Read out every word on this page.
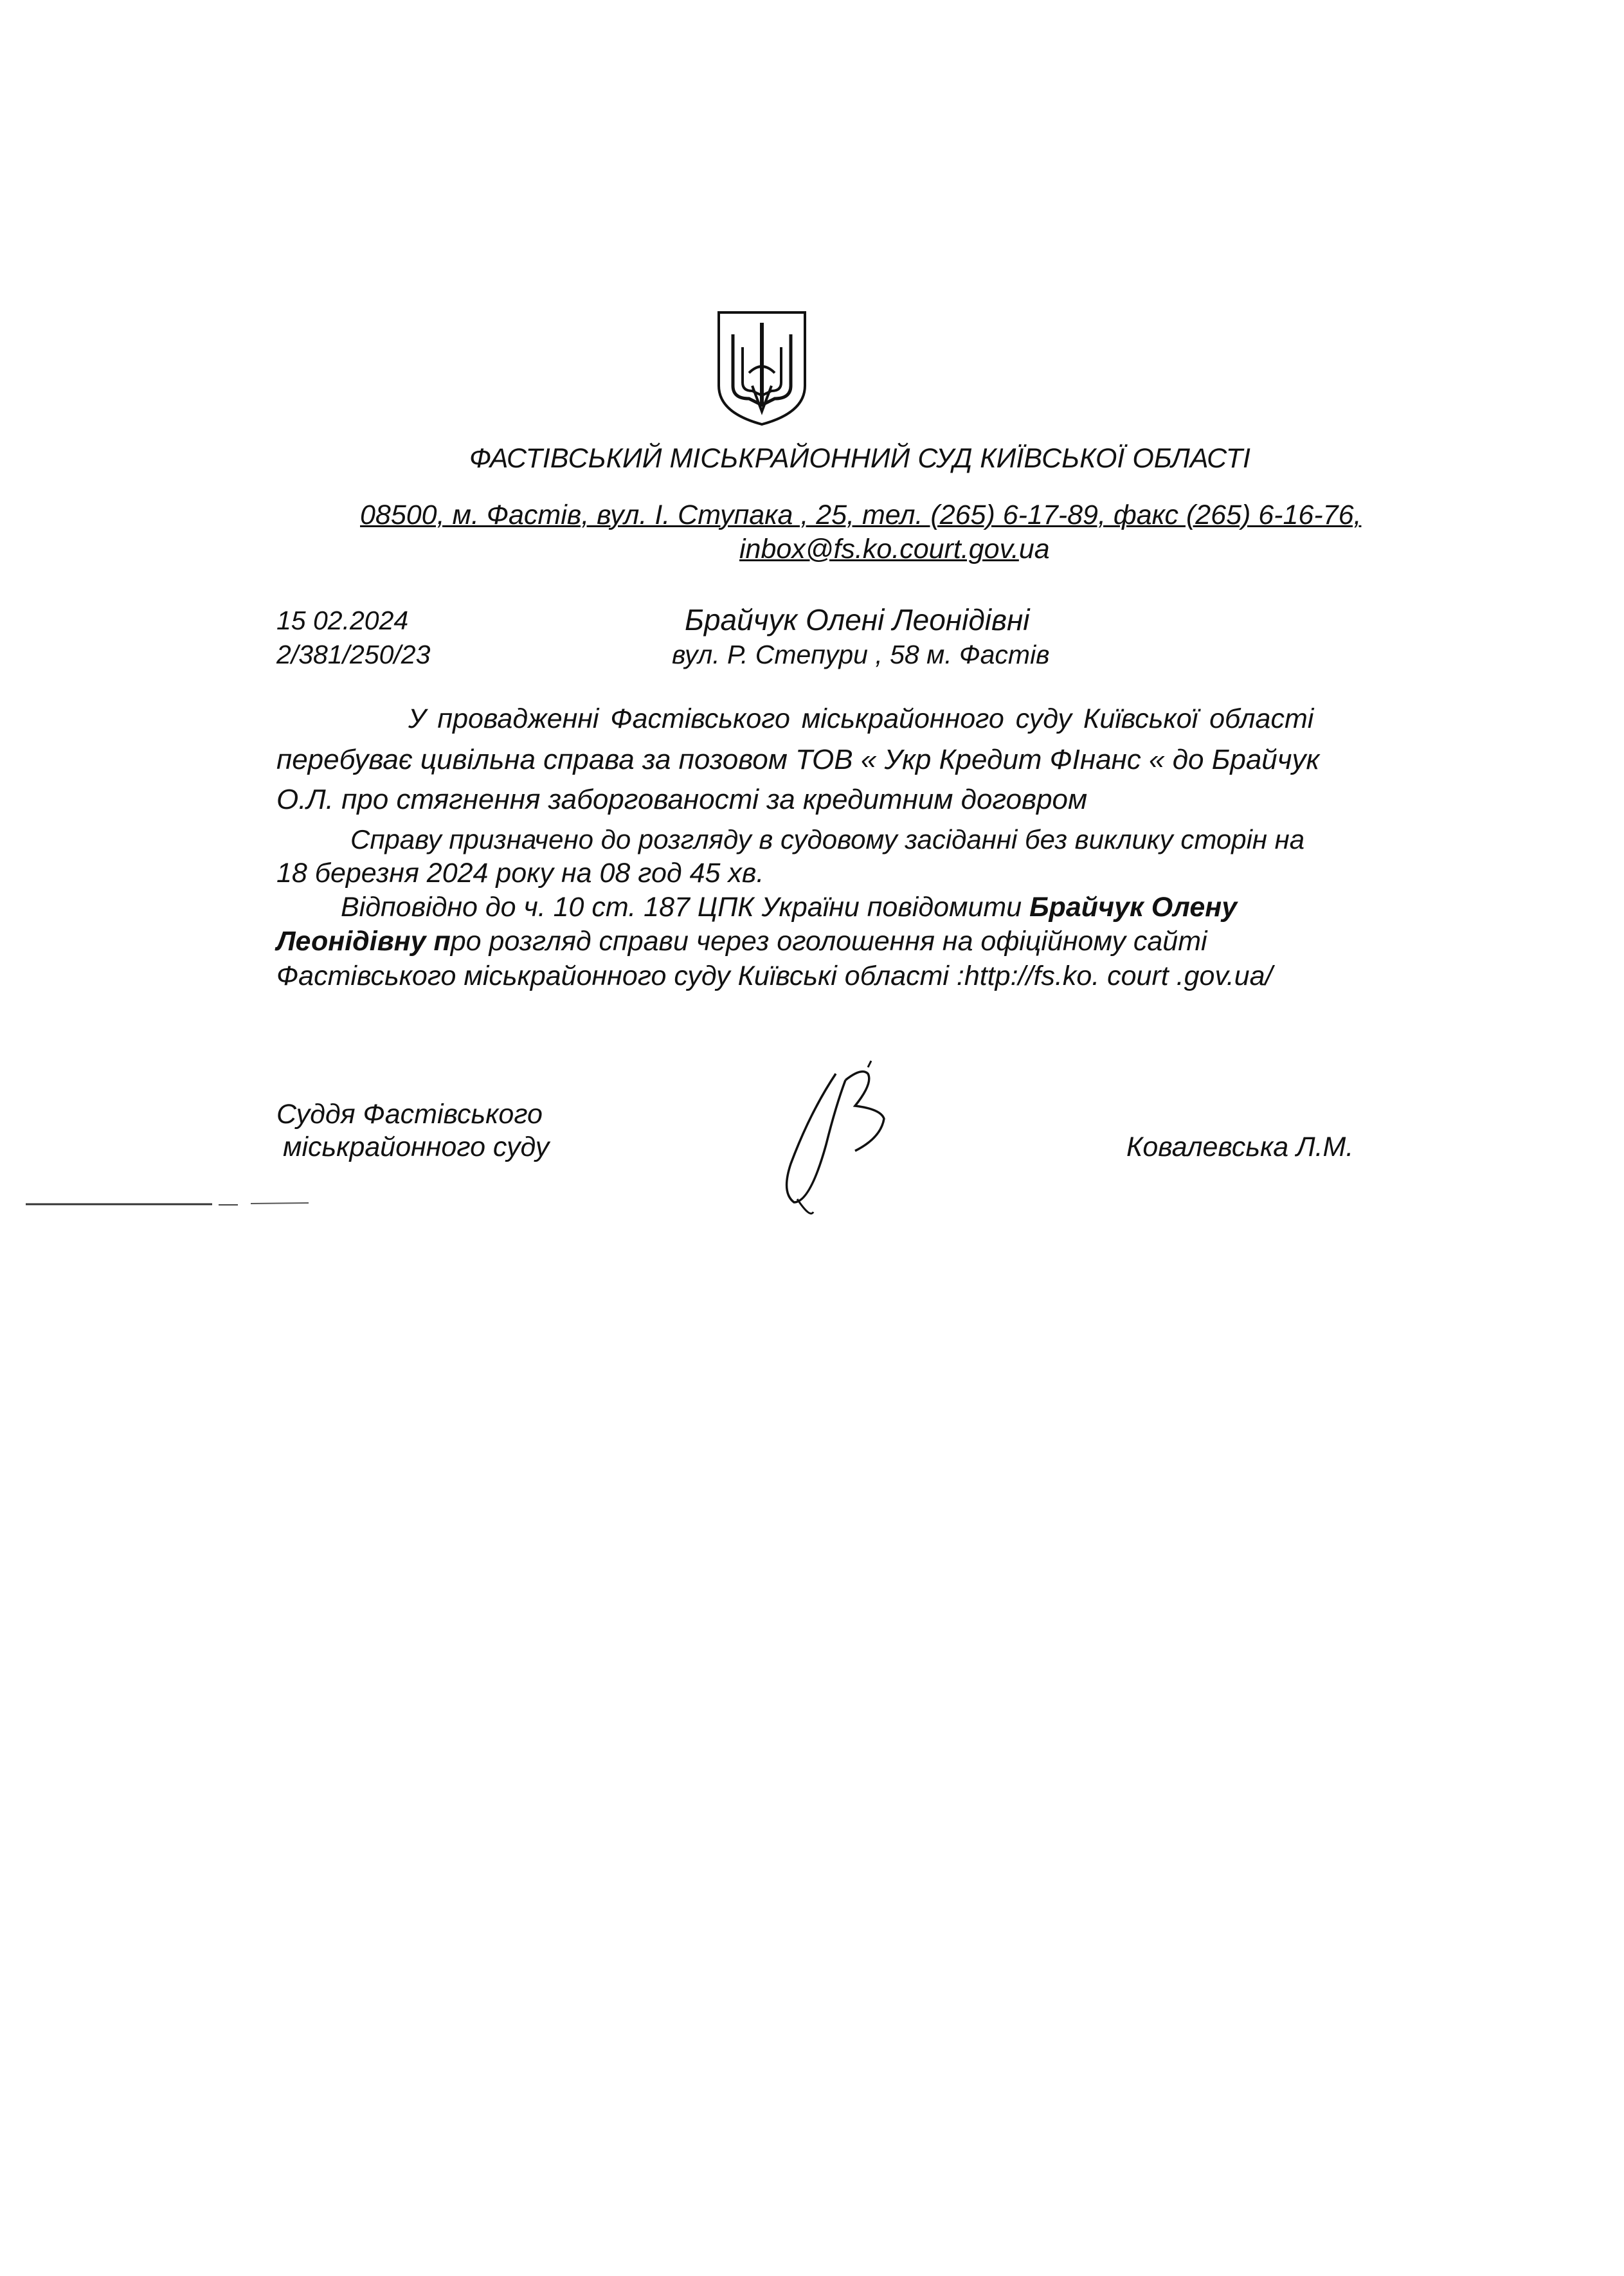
ФАСТІВСЬКИЙ МІСЬКРАЙОННИЙ СУД КИЇВСЬКОЇ ОБЛАСТІ
08500, м. Фастів, вул. І. Ступака , 25, тел. (265) 6-17-89, факс (265) 6-16-76,
inbox@fs.ko.court.gov.ua
15 02.2024
2/381/250/23
Брайчук Олені Леонідівні
вул. Р. Степури , 58 м. Фастів
У провадженні Фастівського міськрайонного суду Київської області
перебуває цивільна справа за позовом ТОВ « Укр Кредит ФІнанс « до Брайчук
О.Л. про стягнення заборгованості за кредитним договром
Справу призначено до розгляду в судовому засіданні без виклику сторін на
18 березня 2024 року на 08 год 45 хв.
Відповідно до ч. 10 ст. 187 ЦПК України повідомити Брайчук Олену
Леонідівну про розгляд справи через оголошення на офіційному сайті
Фастівського міськрайонного суду Київські області :http://fs.ko. court .gov.ua/
Суддя Фастівського
міськрайонного суду	Ковалевська Л.М.
